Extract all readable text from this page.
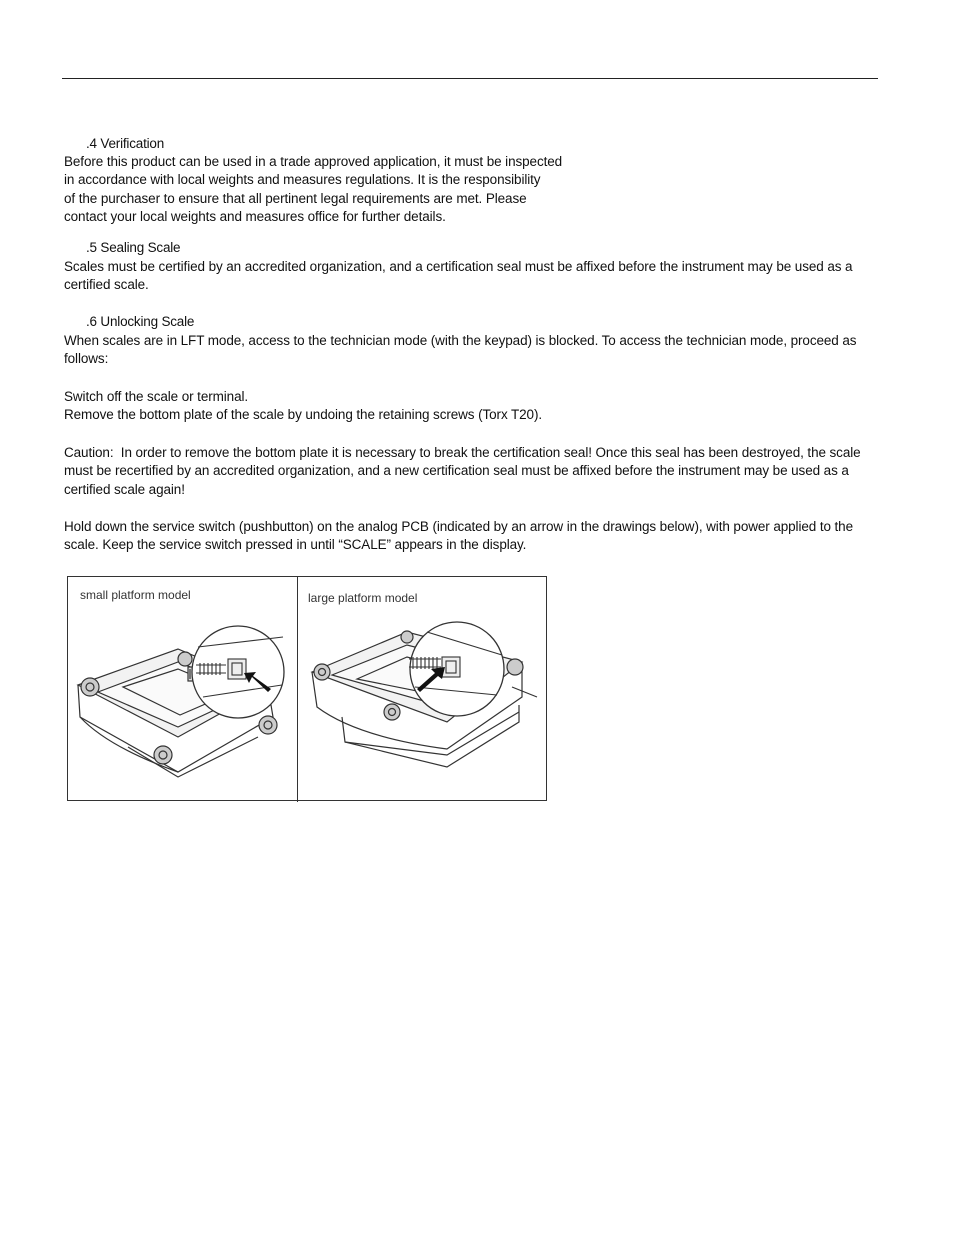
.4 Verification
Before this product can be used in a trade approved application, it must be inspected
in accordance with local weights and measures regulations. It is the responsibility
of the purchaser to ensure that all pertinent legal requirements are met. Please
contact your local weights and measures office for further details.
.5 Sealing Scale
Scales must be certified by an accredited organization, and a certification seal must be affixed before the instrument may be used as a
certified scale.
.6 Unlocking Scale
When scales are in LFT mode, access to the technician mode (with the keypad) is blocked. To access the technician mode, proceed as
follows:
Switch off the scale or terminal.
Remove the bottom plate of the scale by undoing the retaining screws (Torx T20).
Caution: In order to remove the bottom plate it is necessary to break the certification seal! Once this seal has been destroyed, the scale
must be recertified by an accredited organization, and a new certification seal must be affixed before the instrument may be used as a
certified scale again!
Hold down the service switch (pushbutton) on the analog PCB (indicated by an arrow in the drawings below), with power applied to the
scale. Keep the service switch pressed in until “SCALE” appears in the display.
small platform model	large platform model
